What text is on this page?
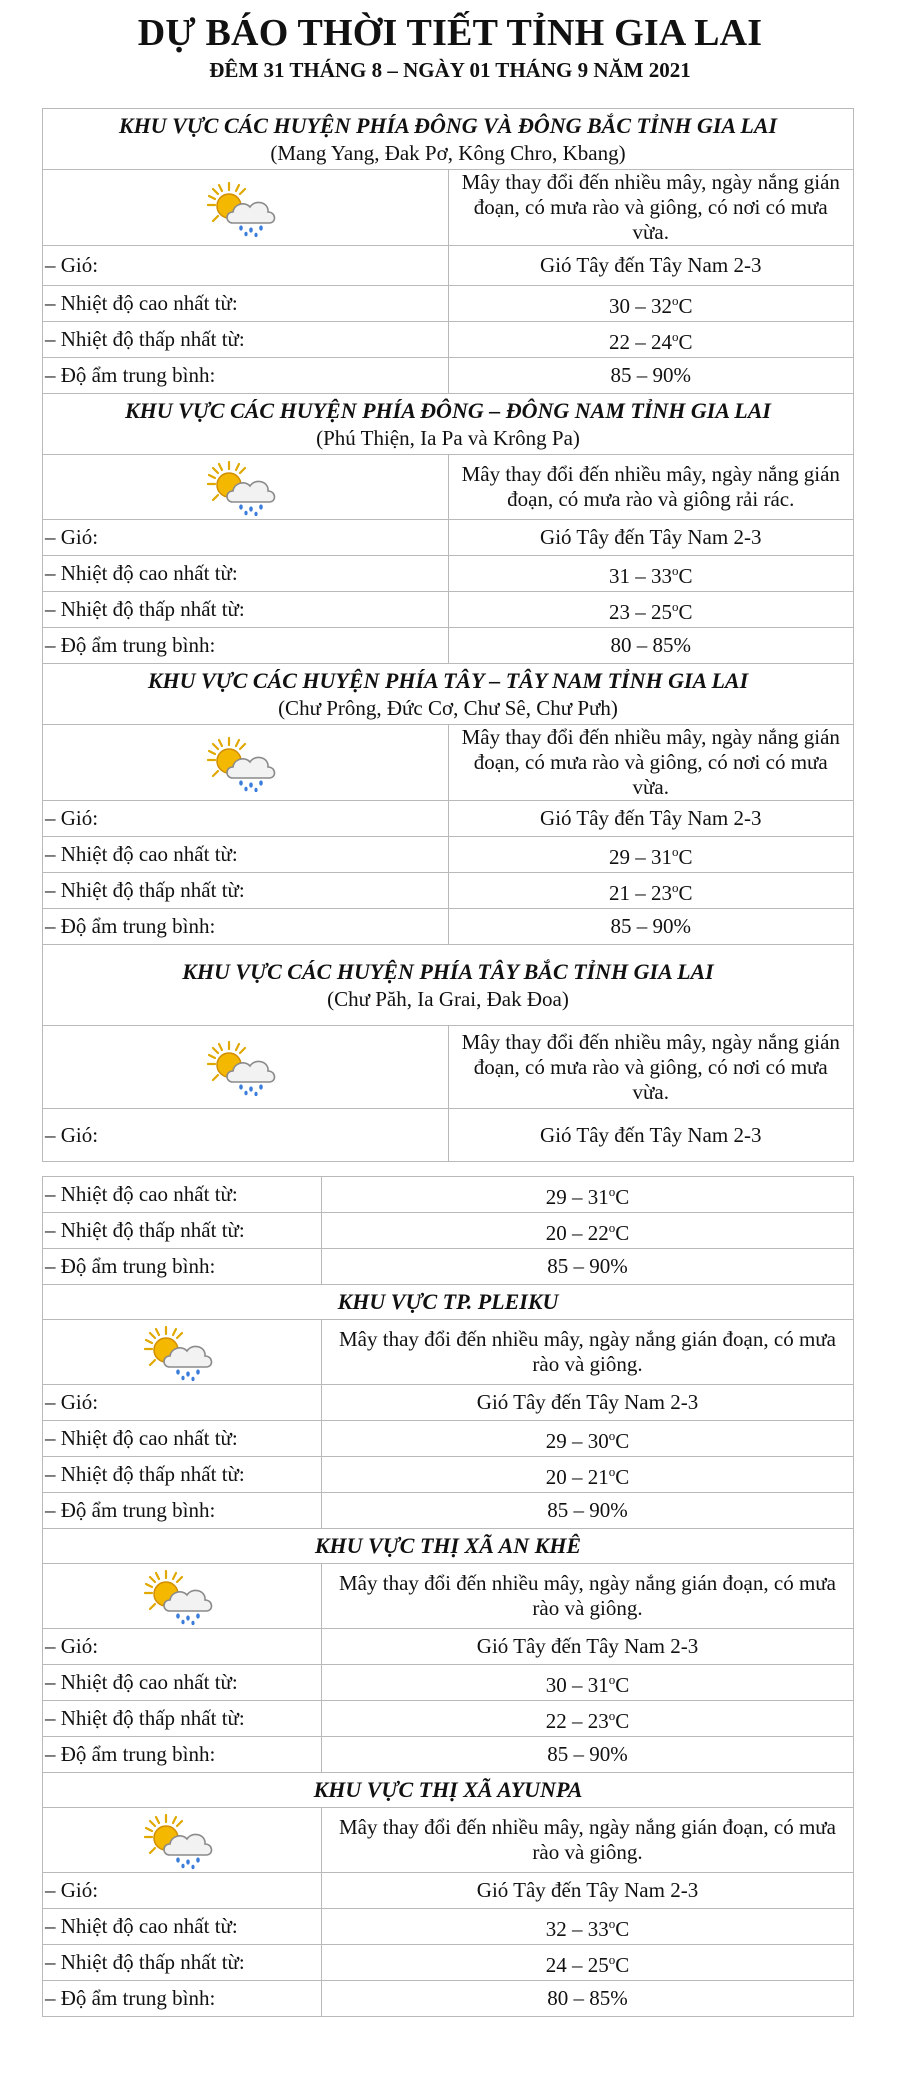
DỰ BÁO THỜI TIẾT TỈNH GIA LAI
ĐÊM 31 THÁNG 8 – NGÀY 01 THÁNG 9 NĂM 2021
KHU VỰC CÁC HUYỆN PHÍA ĐÔNG VÀ ĐÔNG BẮC TỈNH GIA LAI
(Mang Yang, Đak Pơ, Kông Chro, Kbang)	

	Mây thay đổi đến nhiều mây, ngày nắng gián đoạn, có mưa rào và giông, có nơi có mưa vừa.
– Gió:	Gió Tây đến Tây Nam 2-3
– Nhiệt độ cao nhất từ:	30 – 32$^o$C
– Nhiệt độ thấp nhất từ:	22 – 24$^o$C
– Độ ẩm trung bình:	85 – 90%

KHU VỰC CÁC HUYỆN PHÍA ĐÔNG – ĐÔNG NAM TỈNH GIA LAI
(Phú Thiện, Ia Pa và Krông Pa)	

	Mây thay đổi đến nhiều mây, ngày nắng gián đoạn, có mưa rào và giông rải rác.
– Gió:	Gió Tây đến Tây Nam 2-3
– Nhiệt độ cao nhất từ:	31 – 33$^o$C
– Nhiệt độ thấp nhất từ:	23 – 25$^o$C
– Độ ẩm trung bình:	80 – 85%

KHU VỰC CÁC HUYỆN PHÍA TÂY – TÂY NAM TỈNH GIA LAI
(Chư Prông, Đức Cơ, Chư Sê, Chư Pưh)	

	Mây thay đổi đến nhiều mây, ngày nắng gián đoạn, có mưa rào và giông, có nơi có mưa vừa.
– Gió:	Gió Tây đến Tây Nam 2-3
– Nhiệt độ cao nhất từ:	29 – 31$^o$C
– Nhiệt độ thấp nhất từ:	21 – 23$^o$C
– Độ ẩm trung bình:	85 – 90%

KHU VỰC CÁC HUYỆN PHÍA TÂY BẮC TỈNH GIA LAI
(Chư Păh, Ia Grai, Đak Đoa)	

	Mây thay đổi đến nhiều mây, ngày nắng gián đoạn, có mưa rào và giông, có nơi có mưa vừa.
– Gió:	Gió Tây đến Tây Nam 2-3
– Nhiệt độ cao nhất từ:	29 – 31$^o$C
– Nhiệt độ thấp nhất từ:	20 – 22$^o$C
– Độ ẩm trung bình:	85 – 90%

KHU VỰC TP. PLEIKU	

	Mây thay đổi đến nhiều mây, ngày nắng gián đoạn, có mưa rào và giông.
– Gió:	Gió Tây đến Tây Nam 2-3
– Nhiệt độ cao nhất từ:	29 – 30$^o$C
– Nhiệt độ thấp nhất từ:	20 – 21$^o$C
– Độ ẩm trung bình:	85 – 90%

KHU VỰC THỊ XÃ AN KHÊ	

	Mây thay đổi đến nhiều mây, ngày nắng gián đoạn, có mưa rào và giông.
– Gió:	Gió Tây đến Tây Nam 2-3
– Nhiệt độ cao nhất từ:	30 – 31$^o$C
– Nhiệt độ thấp nhất từ:	22 – 23$^o$C
– Độ ẩm trung bình:	85 – 90%

KHU VỰC THỊ XÃ AYUNPA	

	Mây thay đổi đến nhiều mây, ngày nắng gián đoạn, có mưa rào và giông.
– Gió:	Gió Tây đến Tây Nam 2-3
– Nhiệt độ cao nhất từ:	32 – 33$^o$C
– Nhiệt độ thấp nhất từ:	24 – 25$^o$C
– Độ ẩm trung bình:	80 – 85%
